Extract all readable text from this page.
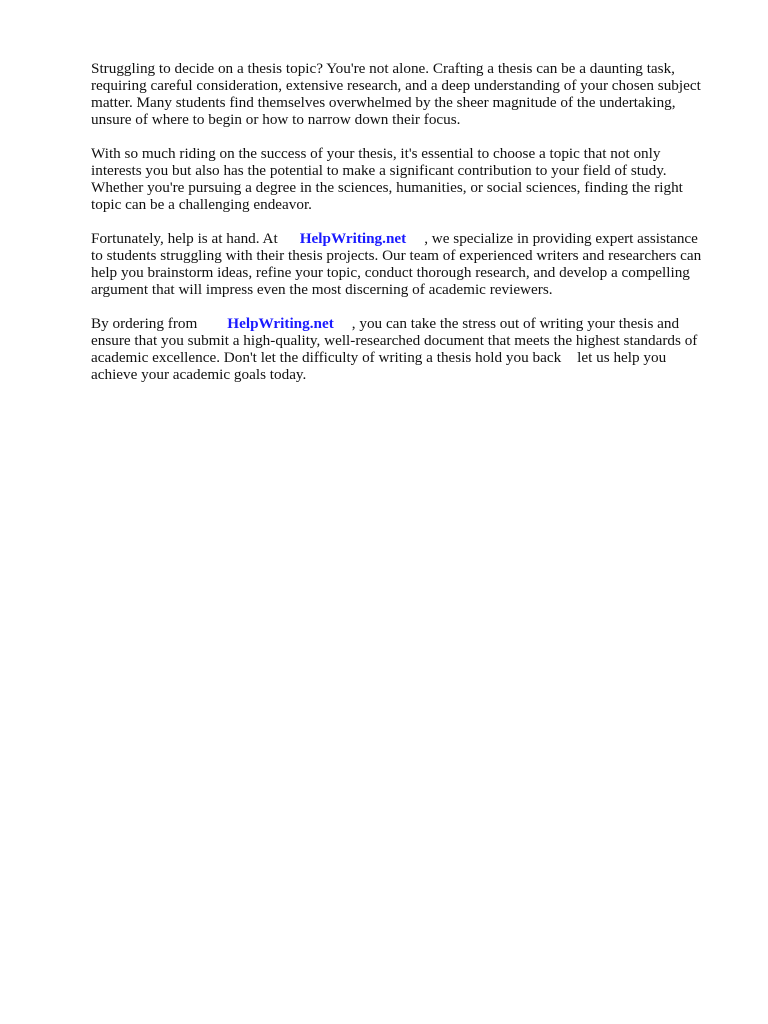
Struggling to decide on a thesis topic? You're not alone. Crafting a thesis can be a daunting task,
requiring careful consideration, extensive research, and a deep understanding of your chosen subject
matter. Many students find themselves overwhelmed by the sheer magnitude of the undertaking,
unsure of where to begin or how to narrow down their focus.

With so much riding on the success of your thesis, it's essential to choose a topic that not only
interests you but also has the potential to make a significant contribution to your field of study.
Whether you're pursuing a degree in the sciences, humanities, or social sciences, finding the right
topic can be a challenging endeavor.

Fortunately, help is at hand. At HelpWriting.net , we specialize in providing expert assistance
to students struggling with their thesis projects. Our team of experienced writers and researchers can
help you brainstorm ideas, refine your topic, conduct thorough research, and develop a compelling
argument that will impress even the most discerning of academic reviewers.

By ordering from HelpWriting.net , you can take the stress out of writing your thesis and
ensure that you submit a high-quality, well-researched document that meets the highest standards of
academic excellence. Don't let the difficulty of writing a thesis hold you back let us help you
achieve your academic goals today.
